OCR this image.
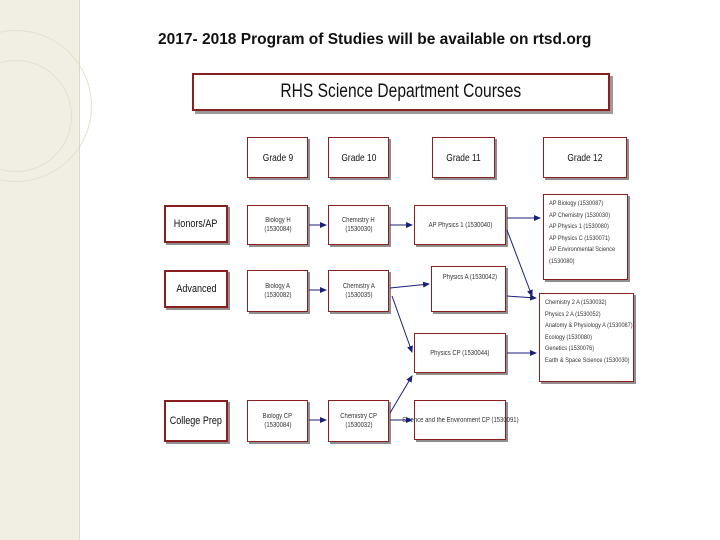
2017- 2018 Program of Studies will be available on rtsd.org
RHS Science Department Courses
Grade 9	Grade 10	Grade 11	Grade 12
Honors/AP
Advanced
College Prep
Biology H
(1530084)
Chemistry H
(1530030)
AP Physics 1 (1530040)
Biology A
(1530082)
Chemistry A
(1530035)
Physics A (1530042)
Physics CP (1530044)
Biology CP
(1530084)
Chemistry CP
(1530032)
Science and the Environment CP (1530091)
AP Biology (1530087)
AP Chemistry (1530030)
AP Physics 1 (1530080)
AP Physics C (1530071)
AP Environmental Science
(1530080)
Chemistry 2 A (1530032)
Physics 2 A (1530052)
Anatomy & Physiology A (1530087)
Ecology (1530080)
Genetics (1530076)
Earth & Space Science (1530030)
